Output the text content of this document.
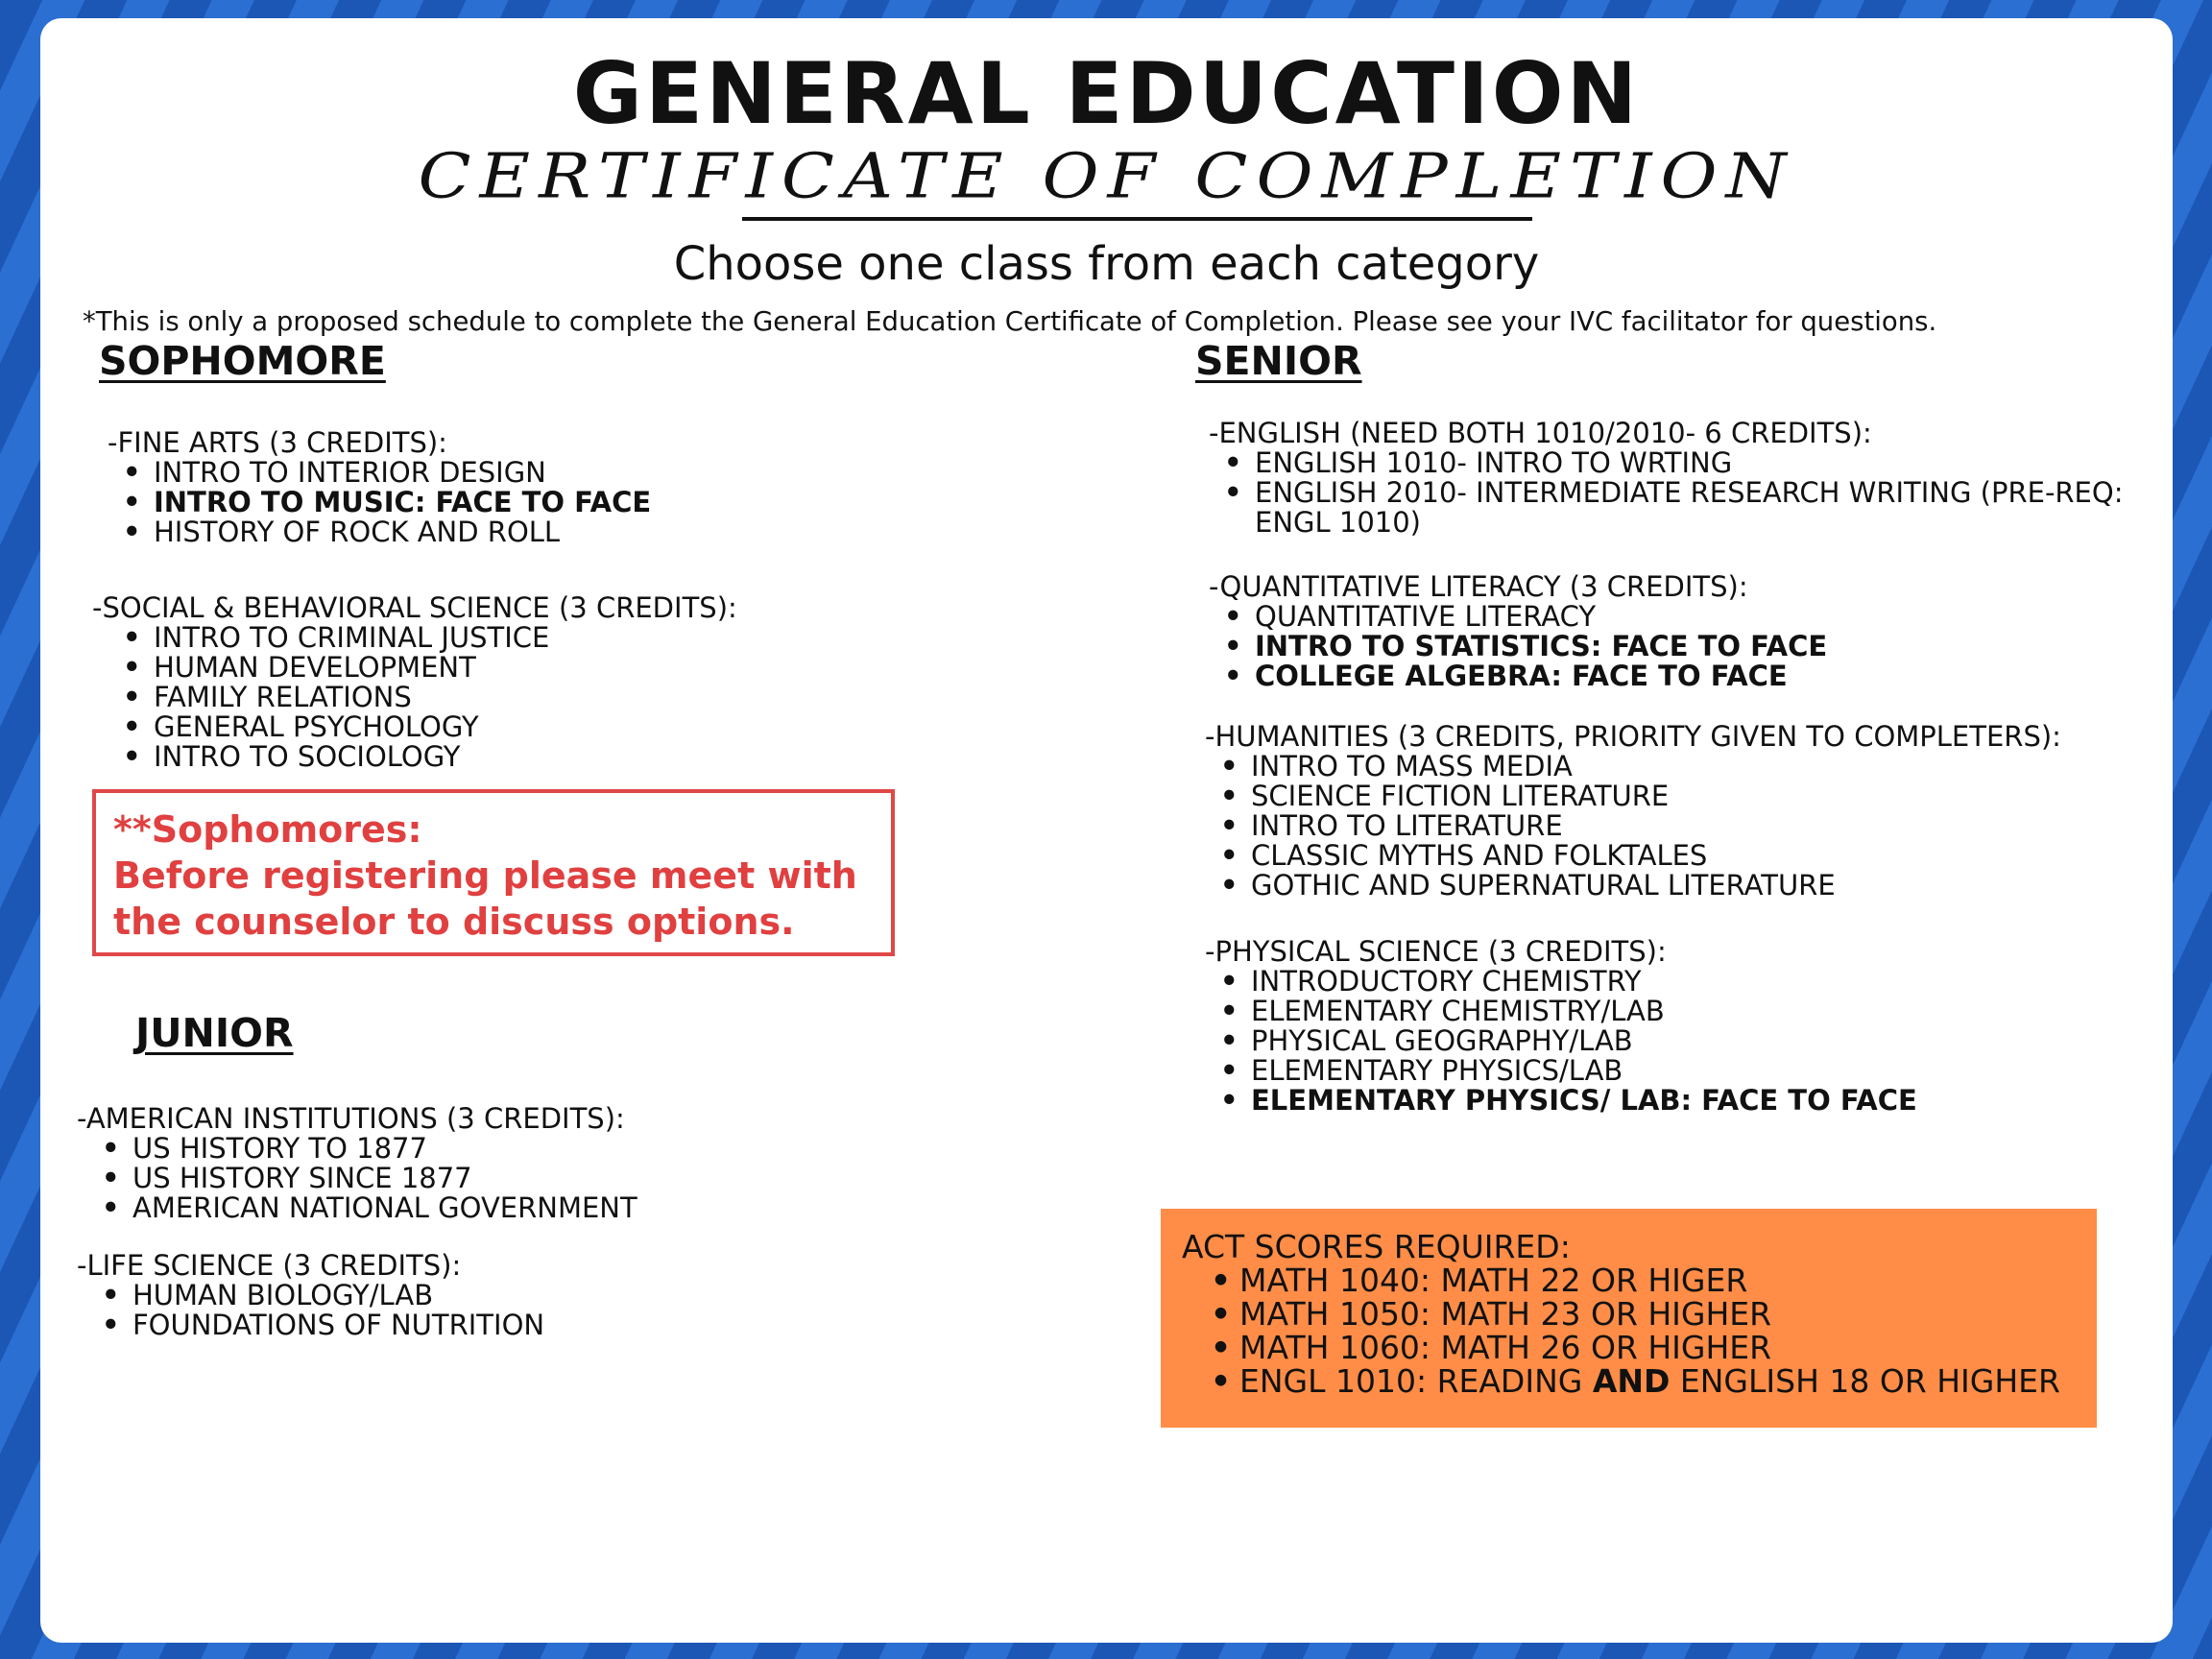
GENERAL EDUCATION
CERTIFICATE OF COMPLETION
Choose one class from each category
*This is only a proposed schedule to complete the General Education Certificate of Completion. Please see your IVC facilitator for questions.
SOPHOMORE
-FINE ARTS (3 CREDITS):
• INTRO TO INTERIOR DESIGN
• INTRO TO MUSIC: FACE TO FACE
• HISTORY OF ROCK AND ROLL
-SOCIAL & BEHAVIORAL SCIENCE (3 CREDITS):
• INTRO TO CRIMINAL JUSTICE
• HUMAN DEVELOPMENT
• FAMILY RELATIONS
• GENERAL PSYCHOLOGY
• INTRO TO SOCIOLOGY
**Sophomores:
Before registering please meet with the counselor to discuss options.
JUNIOR
-AMERICAN INSTITUTIONS (3 CREDITS):
• US HISTORY TO 1877
• US HISTORY SINCE 1877
• AMERICAN NATIONAL GOVERNMENT
-LIFE SCIENCE (3 CREDITS):
• HUMAN BIOLOGY/LAB
• FOUNDATIONS OF NUTRITION
SENIOR
-ENGLISH (NEED BOTH 1010/2010- 6 CREDITS):
• ENGLISH 1010- INTRO TO WRTING
• ENGLISH 2010- INTERMEDIATE RESEARCH WRITING (PRE-REQ: ENGL 1010)
-QUANTITATIVE LITERACY (3 CREDITS):
• QUANTITATIVE LITERACY
• INTRO TO STATISTICS: FACE TO FACE
• COLLEGE ALGEBRA: FACE TO FACE
-HUMANITIES (3 CREDITS, PRIORITY GIVEN TO COMPLETERS):
• INTRO TO MASS MEDIA
• SCIENCE FICTION LITERATURE
• INTRO TO LITERATURE
• CLASSIC MYTHS AND FOLKTALES
• GOTHIC AND SUPERNATURAL LITERATURE
-PHYSICAL SCIENCE (3 CREDITS):
• INTRODUCTORY CHEMISTRY
• ELEMENTARY CHEMISTRY/LAB
• PHYSICAL GEOGRAPHY/LAB
• ELEMENTARY PHYSICS/LAB
• ELEMENTARY PHYSICS/ LAB: FACE TO FACE
ACT SCORES REQUIRED:
• MATH 1040: MATH 22 OR HIGER
• MATH 1050: MATH 23 OR HIGHER
• MATH 1060: MATH 26 OR HIGHER
• ENGL 1010: READING AND ENGLISH 18 OR HIGHER
